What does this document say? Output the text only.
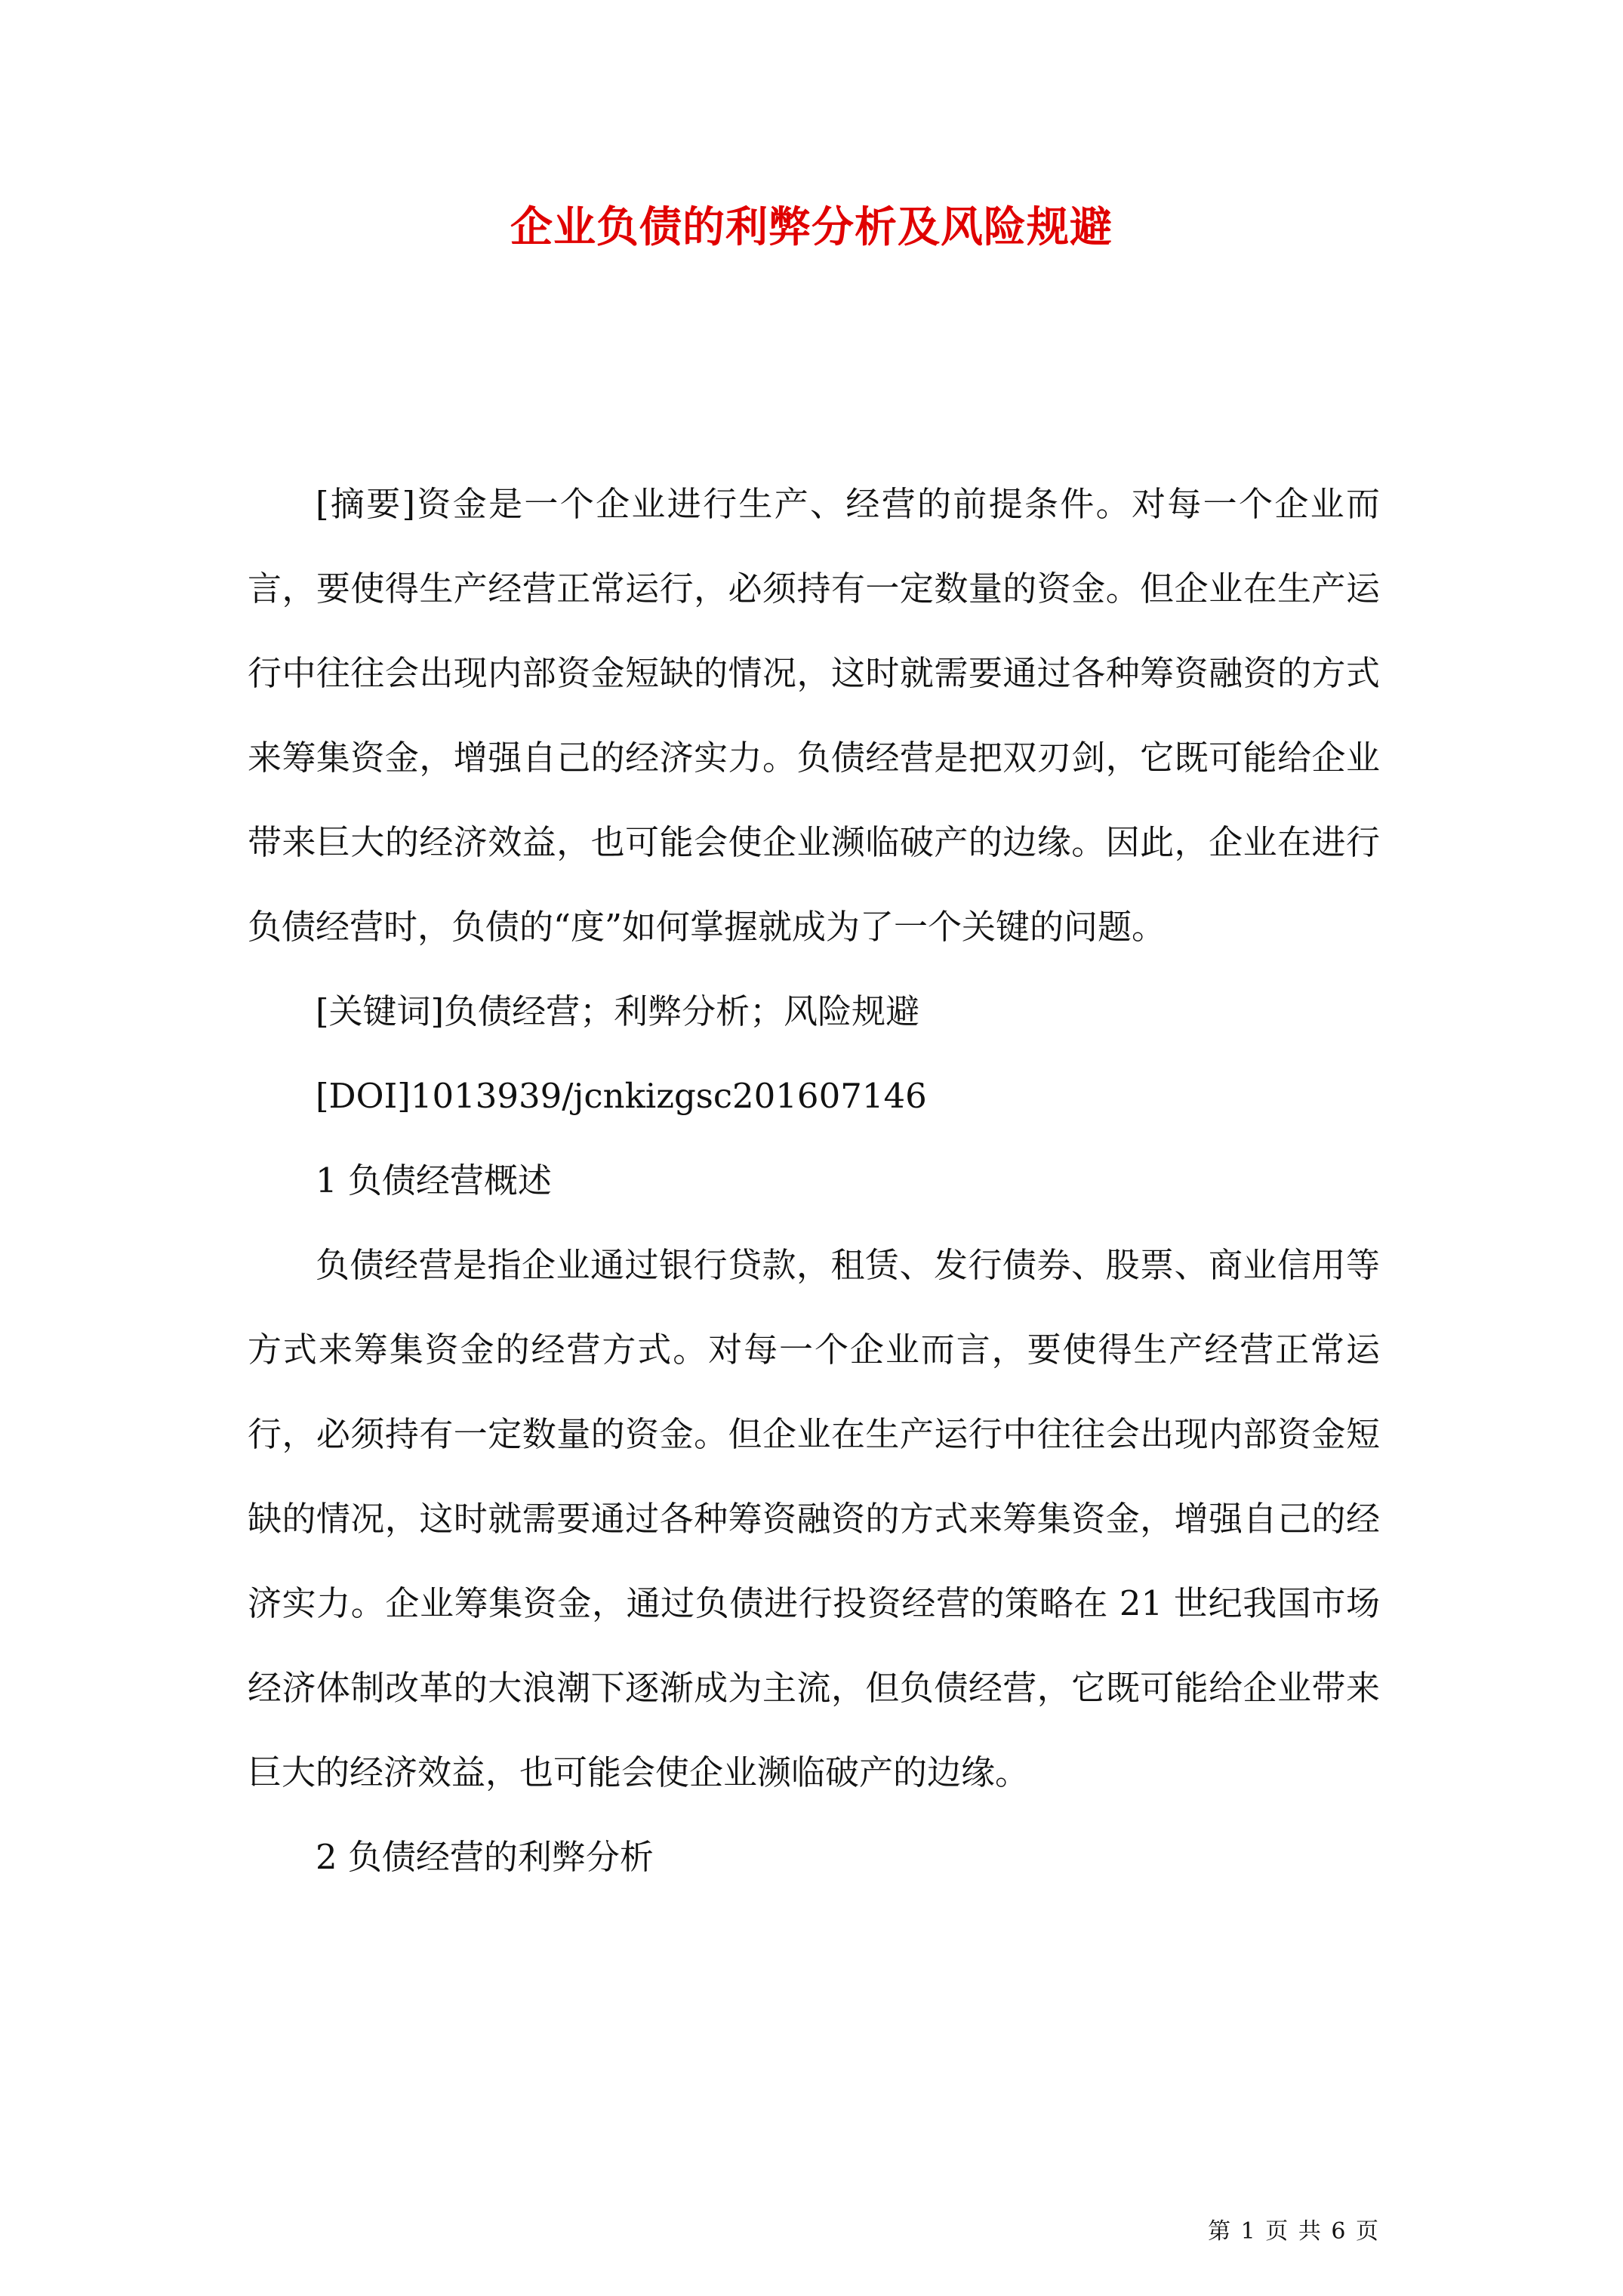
企业负债的利弊分析及风险规避

[摘要]资金是一个企业进行生产、经营的前提条件。对每一个企业而言，要使得生产经营正常运行，必须持有一定数量的资金。但企业在生产运行中往往会出现内部资金短缺的情况，这时就需要通过各种筹资融资的方式来筹集资金，增强自己的经济实力。负债经营是把双刃剑，它既可能给企业带来巨大的经济效益，也可能会使企业濒临破产的边缘。因此，企业在进行负债经营时，负债的“度”如何掌握就成为了一个关键的问题。

[关键词]负债经营；利弊分析；风险规避

[DOI]1013939/jcnkizgsc201607146

1 负债经营概述

负债经营是指企业通过银行贷款，租赁、发行债券、股票、商业信用等方式来筹集资金的经营方式。对每一个企业而言，要使得生产经营正常运行，必须持有一定数量的资金。但企业在生产运行中往往会出现内部资金短缺的情况，这时就需要通过各种筹资融资的方式来筹集资金，增强自己的经济实力。企业筹集资金，通过负债进行投资经营的策略在 21 世纪我国市场经济体制改革的大浪潮下逐渐成为主流，但负债经营，它既可能给企业带来巨大的经济效益，也可能会使企业濒临破产的边缘。

2 负债经营的利弊分析

第 1 页 共 6 页
